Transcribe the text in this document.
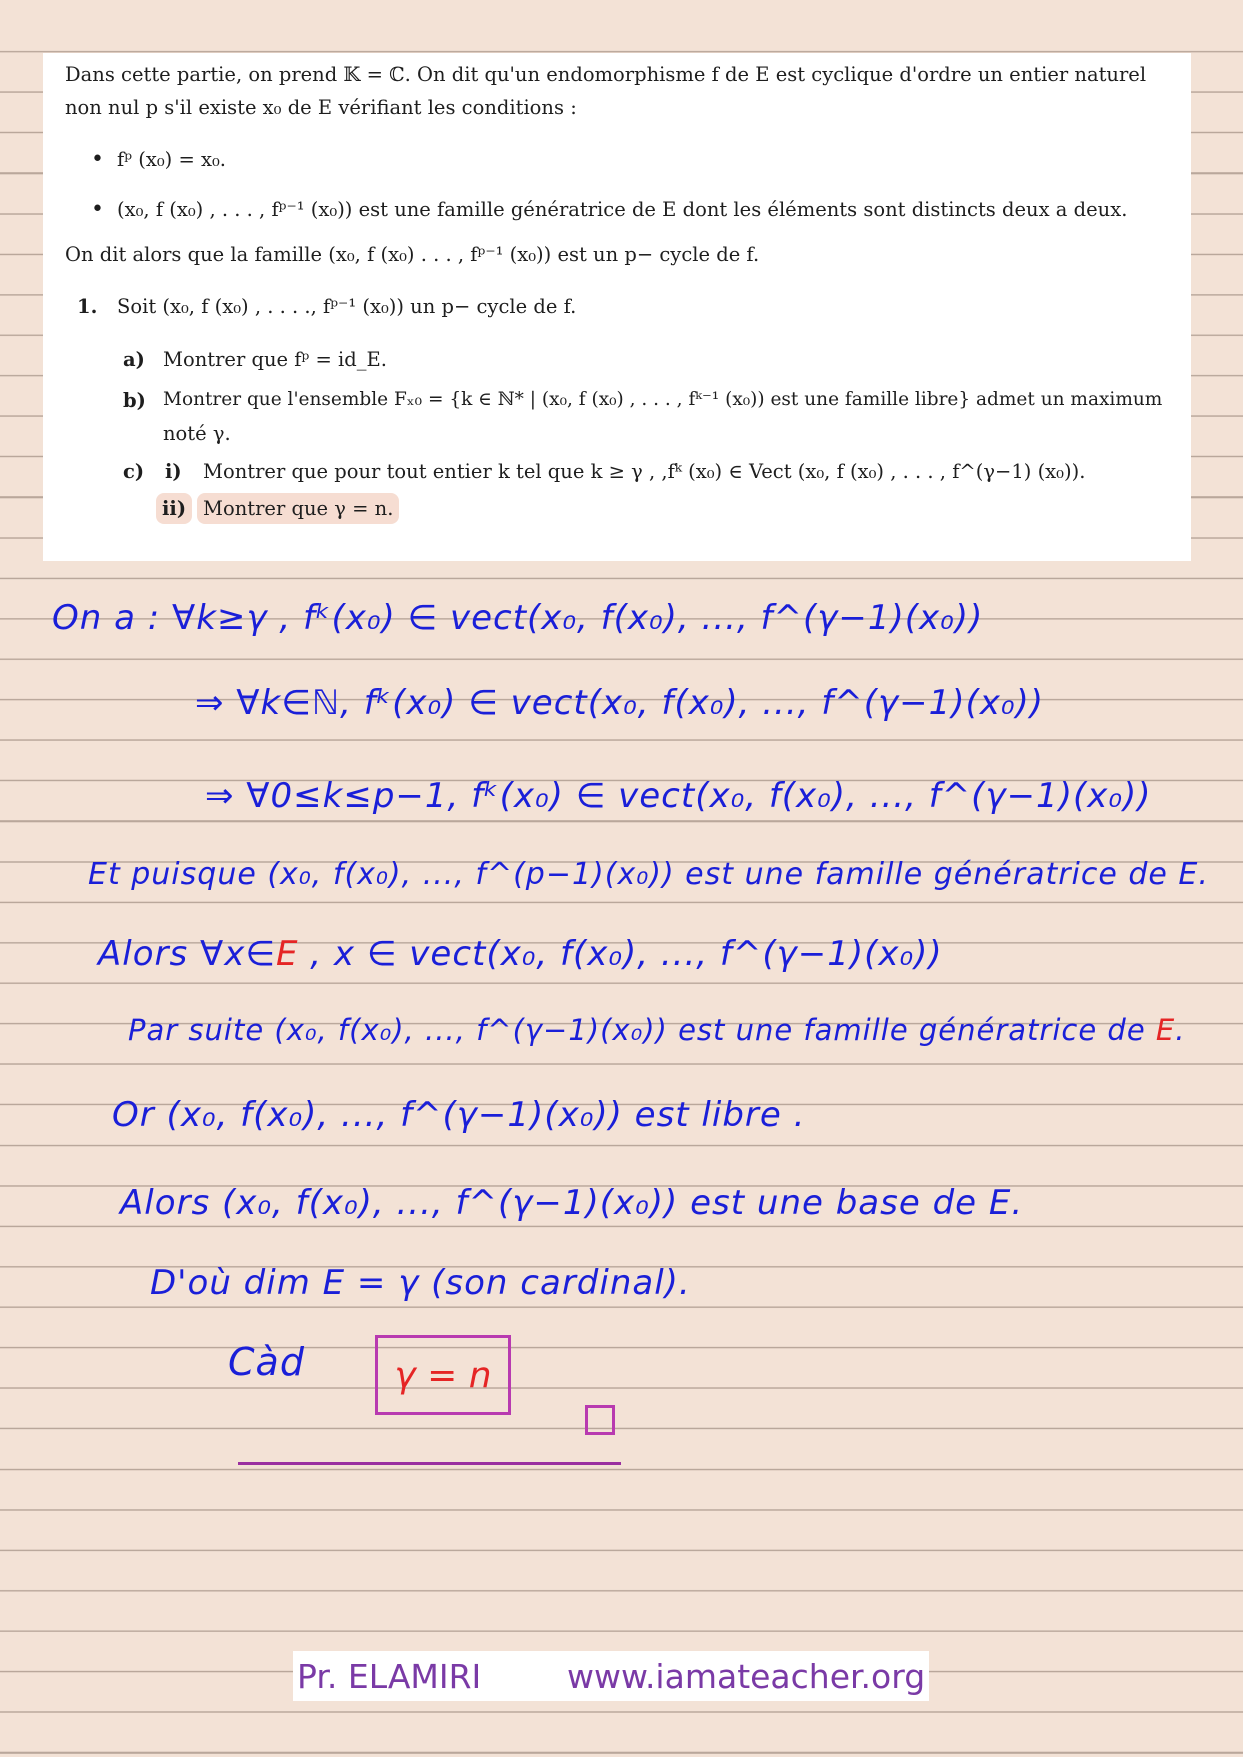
Dans cette partie, on prend 𝕂 = ℂ. On dit qu'un endomorphisme f de E est cyclique d'ordre un entier naturel non nul p s'il existe x₀ de E vérifiant les conditions :

• fᵖ (x₀) = x₀.
• (x₀, f (x₀) , . . . , fᵖ⁻¹ (x₀)) est une famille génératrice de E dont les éléments sont distincts deux a deux.

On dit alors que la famille (x₀, f (x₀) . . . , fᵖ⁻¹ (x₀)) est un p− cycle de f.

1. Soit (x₀, f (x₀) , . . . ., fᵖ⁻¹ (x₀)) un p− cycle de f.

a) Montrer que fᵖ = id_E.

b) Montrer que l'ensemble Fₓ₀ = {k ∈ ℕ* | (x₀, f (x₀) , . . . , fᵏ⁻¹ (x₀)) est une famille libre} admet un maximum

noté γ.

c) i) Montrer que pour tout entier k tel que k ≥ γ , ,fᵏ (x₀) ∈ Vect (x₀, f (x₀) , . . . , f^(γ−1) (x₀)).

ii) Montrer que γ = n.

On a : ∀k≥γ , fᵏ(x₀) ∈ vect(x₀, f(x₀), ..., f^(γ−1)(x₀))
⇒ ∀k∈ℕ, fᵏ(x₀) ∈ vect(x₀, f(x₀), ..., f^(γ−1)(x₀))
⇒ ∀0≤k≤p−1, fᵏ(x₀) ∈ vect(x₀, f(x₀), ..., f^(γ−1)(x₀))
Et puisque (x₀, f(x₀), ..., f^(p−1)(x₀)) est une famille génératrice de E.
Alors ∀x∈E , x ∈ vect(x₀, f(x₀), ..., f^(γ−1)(x₀))
Par suite (x₀, f(x₀), ..., f^(γ−1)(x₀)) est une famille génératrice de E.
Or (x₀, f(x₀), ..., f^(γ−1)(x₀)) est libre .
Alors (x₀, f(x₀), ..., f^(γ−1)(x₀)) est une base de E.
D'où dim E = γ (son cardinal).
Càd γ = n
Pr. ELAMIRI	www.iamateacher.org
